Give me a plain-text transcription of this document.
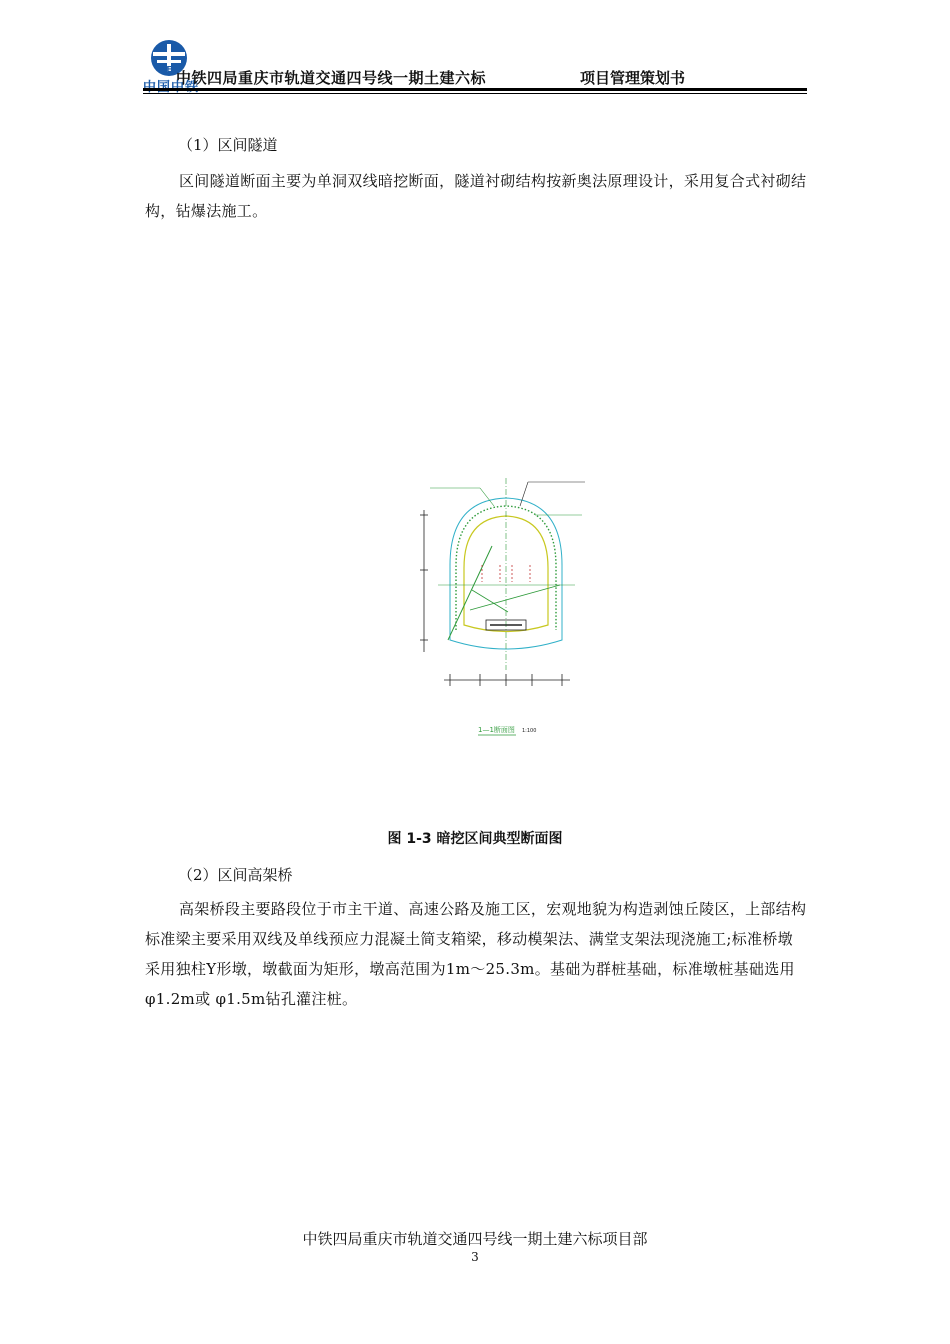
REC
中铁四局重庆市轨道交通四号线一期土建六标	项目管理策划书
（1）区间隧道
区间隧道断面主要为单洞双线暗挖断面，隧道衬砌结构按新奥法原理设计，采用复合式衬砌结构，钻爆法施工。
1—1断面图 1:100
图 1-3 暗挖区间典型断面图
（2）区间高架桥
高架桥段主要路段位于市主干道、高速公路及施工区，宏观地貌为构造剥蚀丘陵区，上部结构标准梁主要采用双线及单线预应力混凝土简支箱梁，移动模架法、满堂支架法现浇施工;标准桥墩采用独柱Y形墩，墩截面为矩形，墩高范围为1m～25.3m。基础为群桩基础，标准墩桩基础选用 φ1.2m或 φ1.5m钻孔灌注桩。
中铁四局重庆市轨道交通四号线一期土建六标项目部
3
